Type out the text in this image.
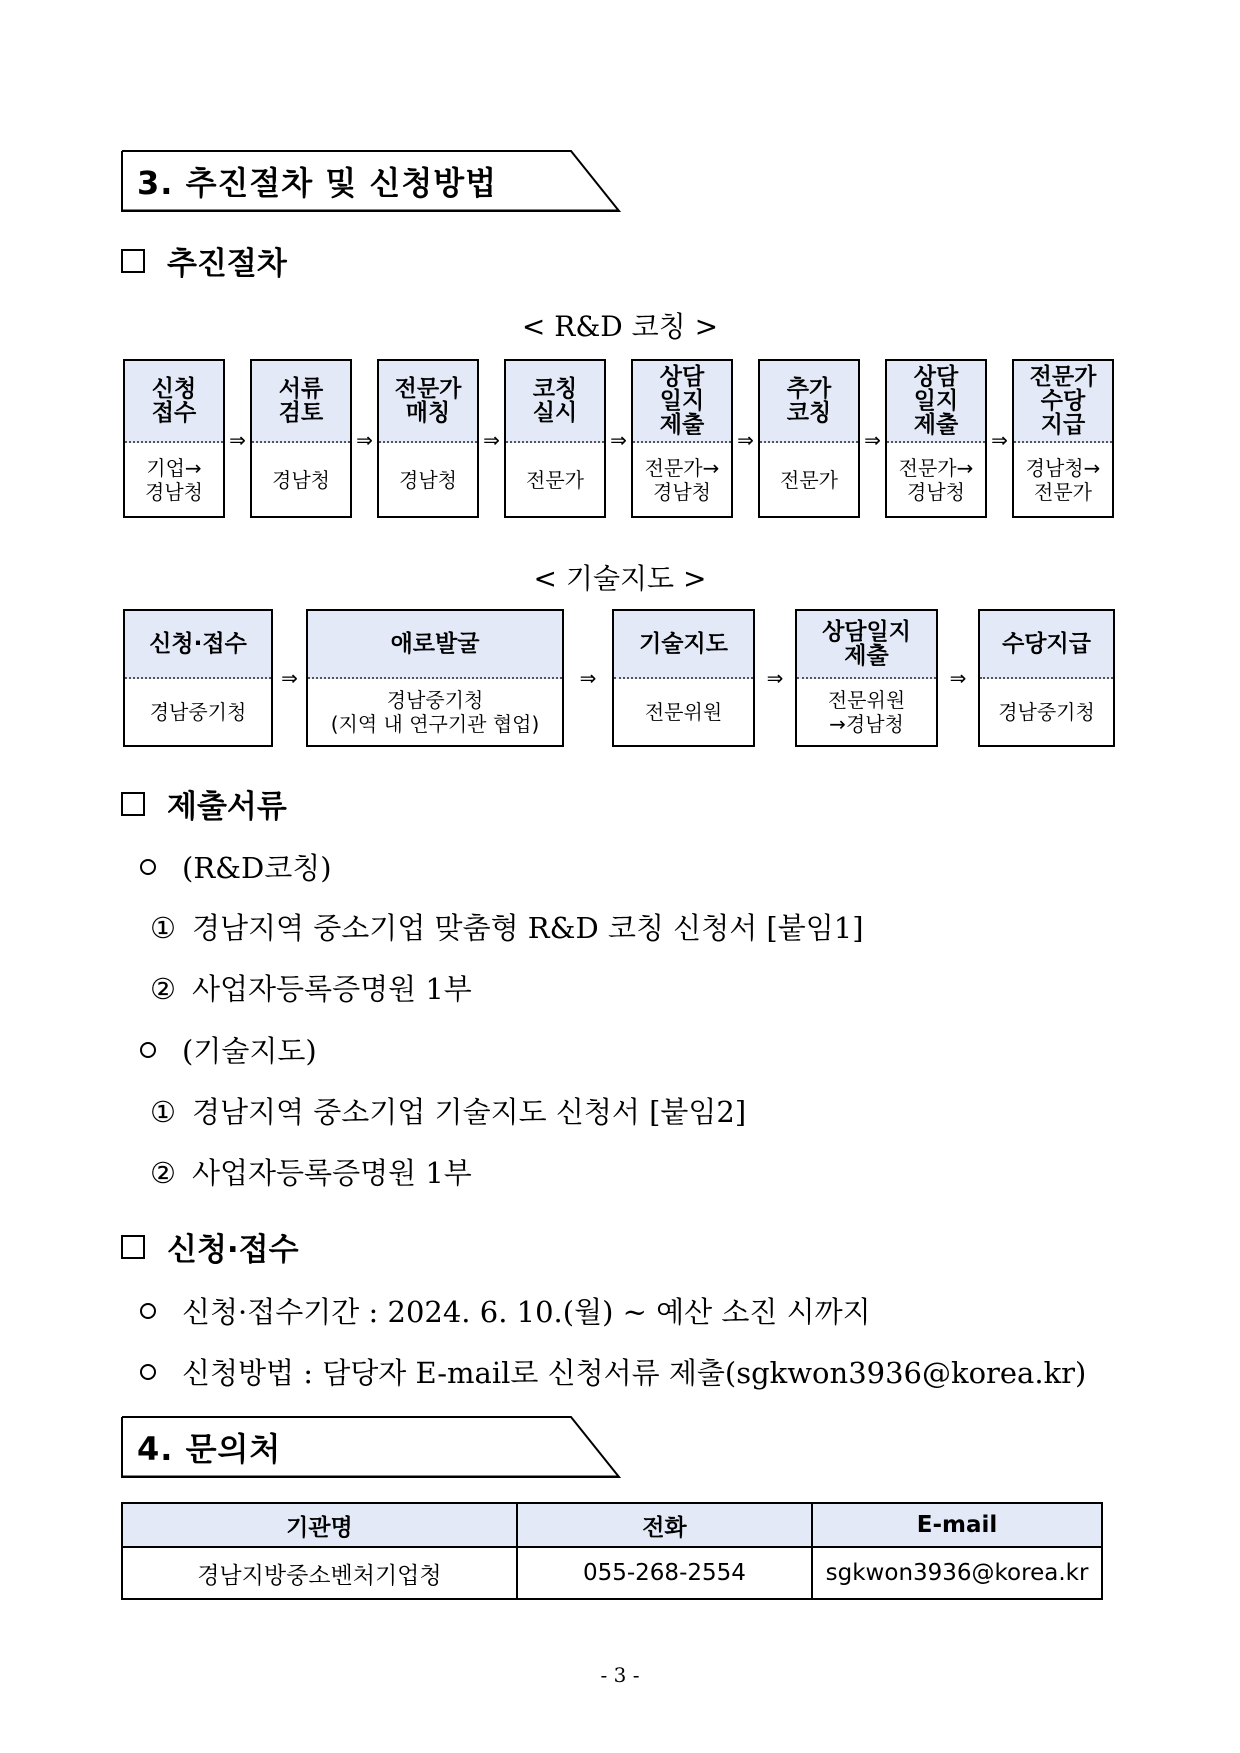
3. 추진절차 및 신청방법
추진절차
< R&D 코칭 >
신청
접수
기업→
경남청
⇒
서류
검토
경남청
⇒
전문가
매칭
경남청
⇒
코칭
실시
전문가
⇒
상담
일지
제출
전문가→
경남청
⇒
추가
코칭
전문가
⇒
상담
일지
제출
전문가→
경남청
⇒
전문가
수당
지급
경남청→
전문가
< 기술지도 >
신청·접수
경남중기청
⇒
애로발굴
경남중기청
(지역 내 연구기관 협업)
⇒
기술지도
전문위원
⇒
상담일지
제출
전문위원
→경남청
⇒
수당지급
경남중기청
제출서류
(R&D코칭)
① 경남지역 중소기업 맞춤형 R&D 코칭 신청서 [붙임1]
② 사업자등록증명원 1부
(기술지도)
① 경남지역 중소기업 기술지도 신청서 [붙임2]
② 사업자등록증명원 1부
신청·접수
신청·접수기간 : 2024. 6. 10.(월) ~ 예산 소진 시까지
신청방법 : 담당자 E-mail로 신청서류 제출(sgkwon3936@korea.kr)
4. 문의처
기관명	전화	E-mail
경남지방중소벤처기업청	055-268-2554	sgkwon3936@korea.kr
- 3 -
